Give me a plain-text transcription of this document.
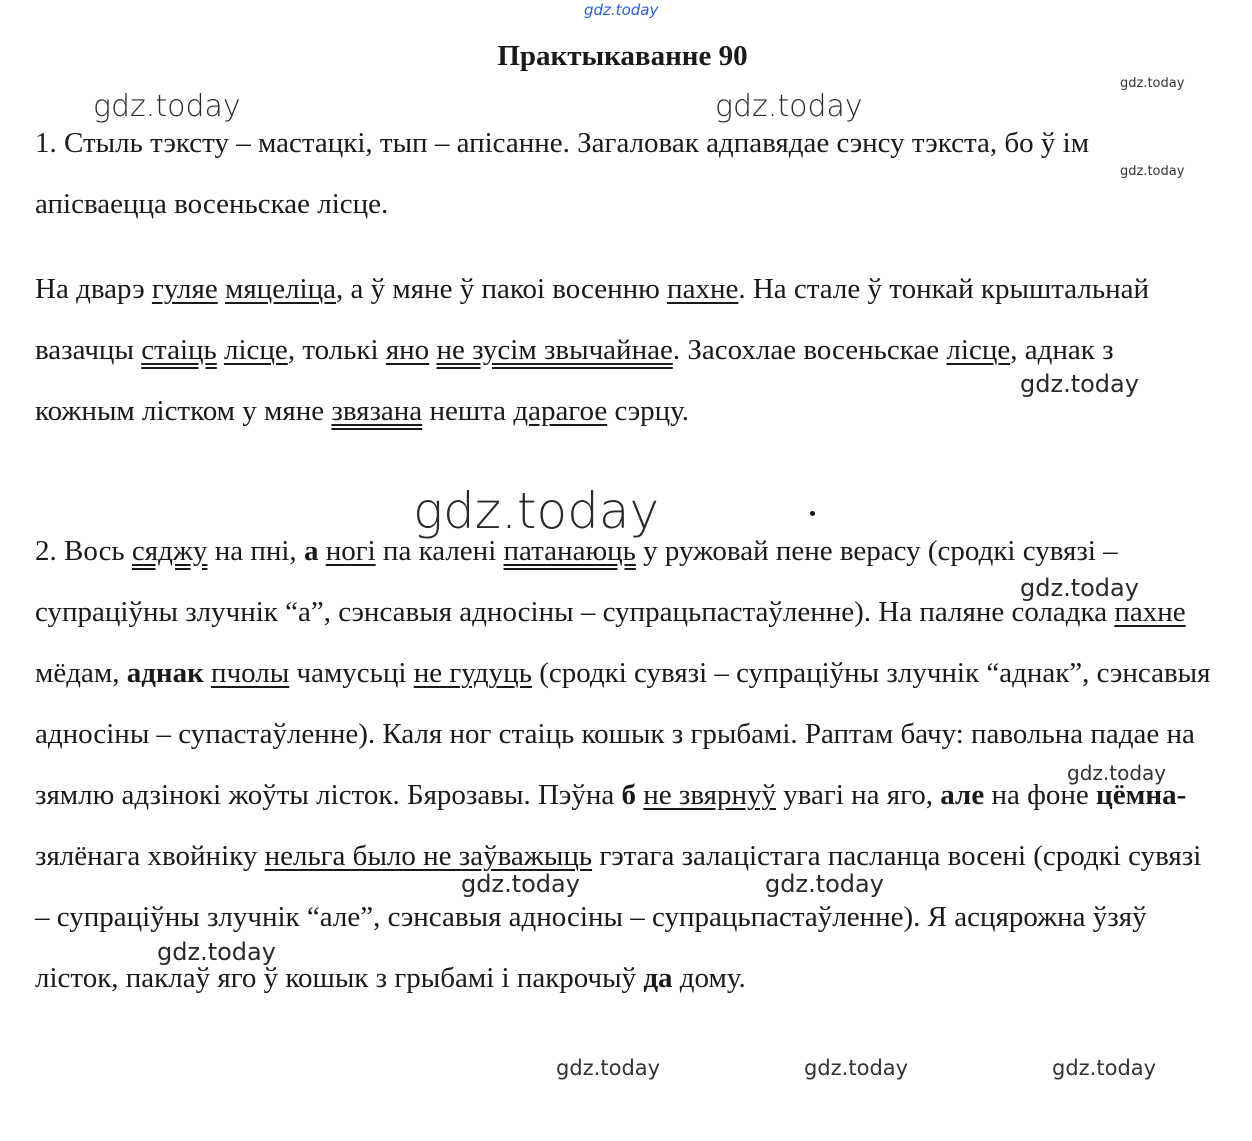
gdz.today
gdz.today
gdz.today	gdz.today
gdz.today
gdz.today
gdz.today
gdz.today
gdz.today
gdz.today	gdz.today
gdz.today
gdz.today	gdz.today	gdz.today
Практыкаванне 90

1. Стыль тэксту – мастацкі, тып – апісанне. Загаловак адпавядае сэнсу тэкста, бо ў ім апісваецца восеньскае лісце.

На дварэ гуляе мяцеліца, а ў мяне ў пакоі восенню пахне. На стале ў тонкай крыштальнай вазачцы стаіць лісце, толькі яно не зусім звычайнае. Засохлае восеньскае лісце, аднак з кожным лістком у мяне звязана нешта дарагое сэрцу.

2. Вось сяджу на пні, а ногі па калені патанаюць у ружовай пене верасу (сродкі сувязі – супраціўны злучнік “а”, сэнсавыя адносіны – супрацьпастаўленне). На паляне соладка пахне мёдам, аднак пчолы чамусьці не гудуць (сродкі сувязі – супраціўны злучнік “аднак”, сэнсавыя адносіны – супастаўленне). Каля ног стаіць кошык з грыбамі. Раптам бачу: павольна падае на зямлю адзінокі жоўты лісток. Бярозавы. Пэўна б не звярнуў увагі на яго, але на фоне цёмна-зялёнага хвойніку нельга было не заўважыць гэтага залацістага пасланца восені (сродкі сувязі – супраціўны злучнік “але”, сэнсавыя адносіны – супрацьпастаўленне). Я асцярожна ўзяў лісток, паклаў яго ў кошык з грыбамі і пакрочыў да дому.
